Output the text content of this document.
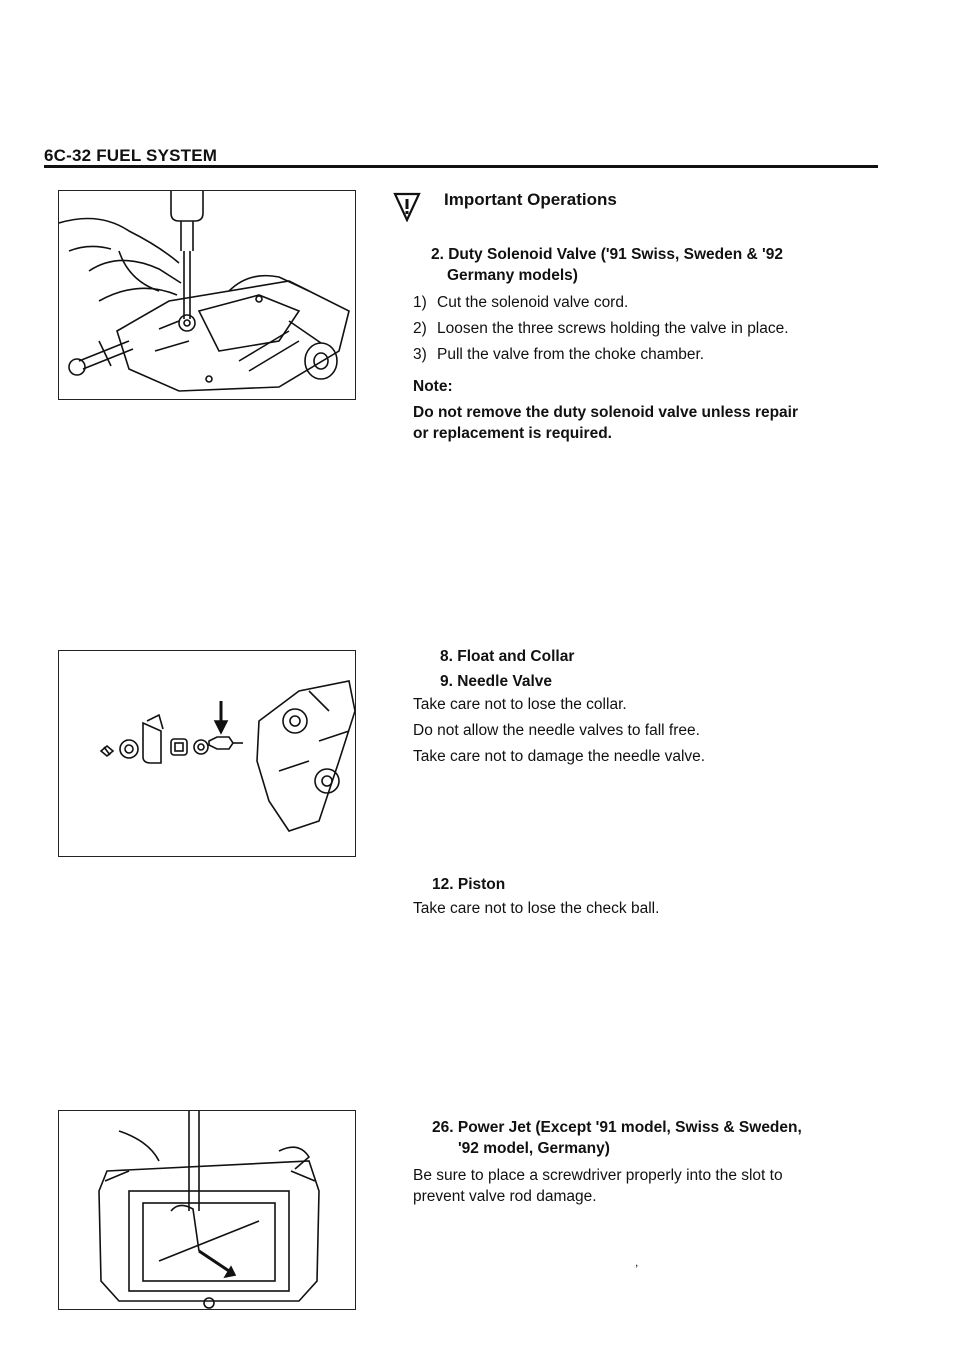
6C-32 FUEL SYSTEM
Important Operations
2. Duty Solenoid Valve ('91 Swiss, Sweden & '92
Germany models)
1) Cut the solenoid valve cord.
2) Loosen the three screws holding the valve in place.
3) Pull the valve from the choke chamber.
Note:
Do not remove the duty solenoid valve unless repair
or replacement is required.
8. Float and Collar
9. Needle Valve
Take care not to lose the collar.
Do not allow the needle valves to fall free.
Take care not to damage the needle valve.
12. Piston
Take care not to lose the check ball.
26. Power Jet (Except '91 model, Swiss & Sweden,
'92 model, Germany)
Be sure to place a screwdriver properly into the slot to
prevent valve rod damage.
,
